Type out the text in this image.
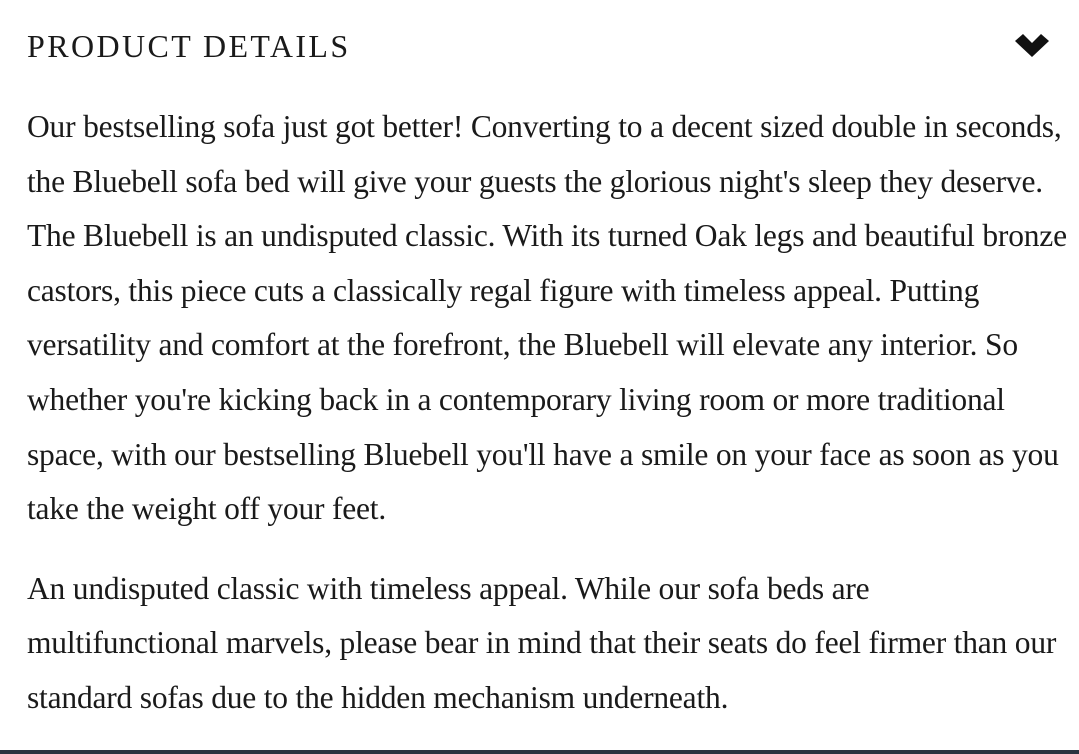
PRODUCT DETAILS

Our bestselling sofa just got better! Converting to a decent sized double in seconds, the Bluebell sofa bed will give your guests the glorious night's sleep they deserve. The Bluebell is an undisputed classic. With its turned Oak legs and beautiful bronze castors, this piece cuts a classically regal figure with timeless appeal. Putting versatility and comfort at the forefront, the Bluebell will elevate any interior. So whether you're kicking back in a contemporary living room or more traditional space, with our bestselling Bluebell you'll have a smile on your face as soon as you take the weight off your feet.

An undisputed classic with timeless appeal. While our sofa beds are multifunctional marvels, please bear in mind that their seats do feel firmer than our standard sofas due to the hidden mechanism underneath.
